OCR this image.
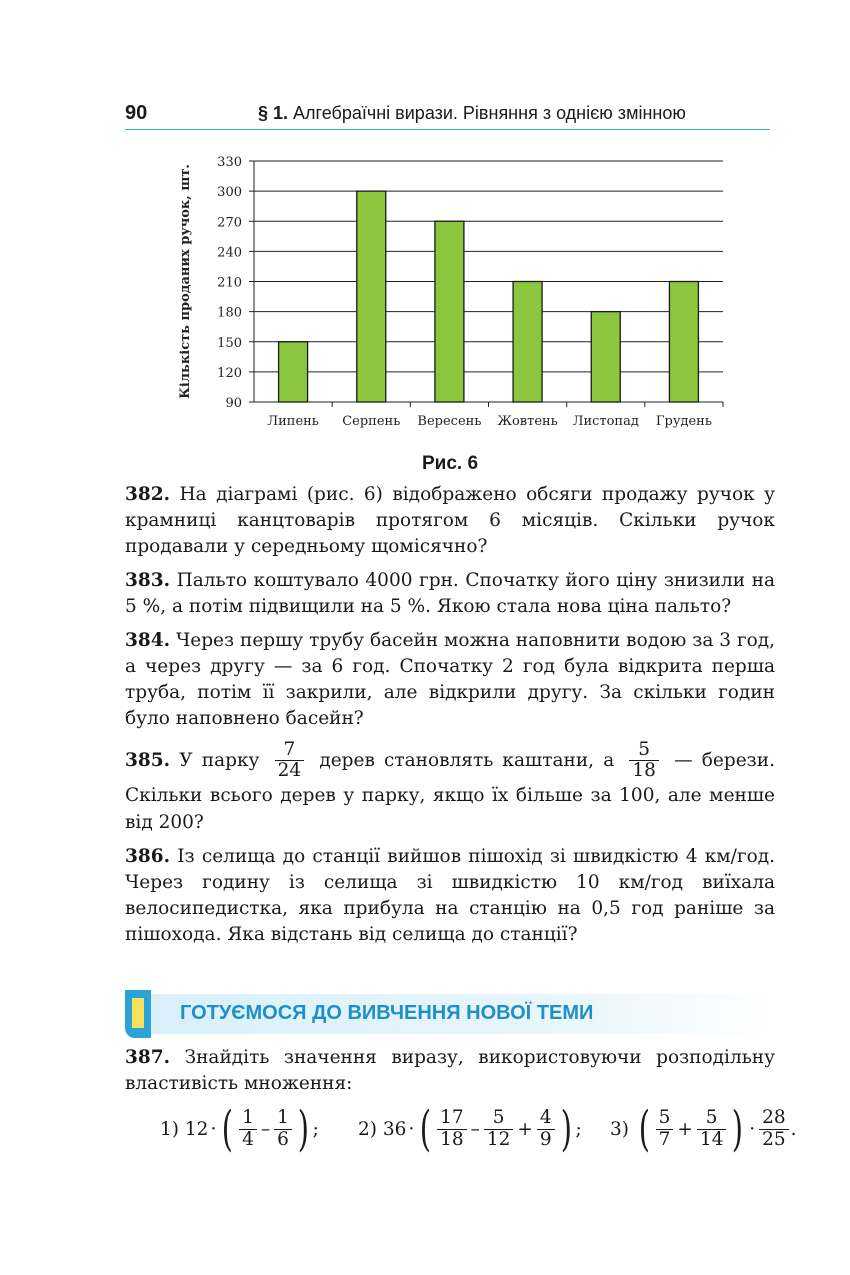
90	§ 1. Алгебраїчні вирази. Рівняння з однією змінною
90
120
150
180
210
240
270
300
330
Липень Серпень Вересень Жовтень Листопад Грудень
Кількість проданих ручок, шт.
Рис. 6

382. На діаграмі (рис. 6) відображено обсяги продажу ручок у крамниці канцтоварів протягом 6 місяців. Скільки ручок продавали у середньому щомісячно?

383. Пальто коштувало 4000 грн. Спочатку його ціну знизили на 5 %, а потім підвищили на 5 %. Якою стала нова ціна пальто?

384. Через першу трубу басейн можна наповнити водою за 3 год, а через другу — за 6 год. Спочатку 2 год була відкрита перша труба, потім її закрили, але відкрили другу. За скільки годин було наповнено басейн?

385. У парку $\frac{7}{24}$ дерев становлять каштани, а $\frac{5}{18}$ — берези. Скільки всього дерев у парку, якщо їх більше за 100, але менше від 200?

386. Із селища до станції вийшов пішохід зі швидкістю 4 км/год. Через годину із селища зі швидкістю 10 км/год виїхала велосипедистка, яка прибула на станцію на 0,5 год раніше за пішохода. Яка відстань від селища до станції?

ГОТУЄМОСЯ ДО ВИВЧЕННЯ НОВОЇ ТЕМИ

387. Знайдіть значення виразу, використовуючи розподільну властивість множення:

1)
12 · ( $\frac{1}{4} - \frac{1}{6}$ ) ; 2)
36 · ( $\frac{17}{18} - \frac{5}{12} + \frac{4}{9}$ ) ; 3)
( $\frac{5}{7} + \frac{5}{14}$ ) · $\frac{28}{25}$ .
